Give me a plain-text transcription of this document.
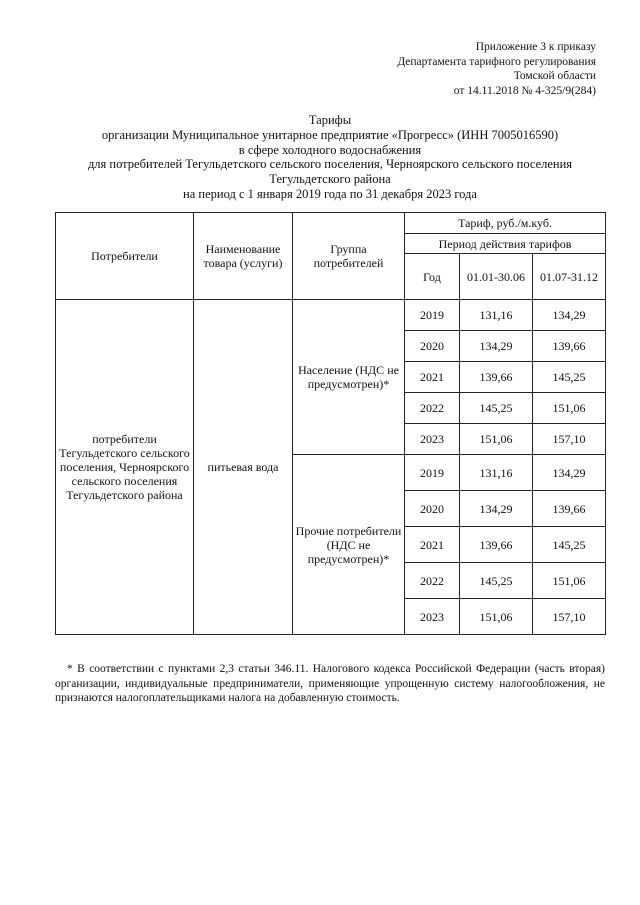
Приложение 3 к приказу
Департамента тарифного регулирования
Томской области
от 14.11.2018 № 4-325/9(284)
Тарифы
организации Муниципальное унитарное предприятие «Прогресс» (ИНН 7005016590)
в сфере холодного водоснабжения
для потребителей Тегульдетского сельского поселения, Черноярского сельского поселения
Тегульдетского района
на период с 1 января 2019 года по 31 декабря 2023 года
Потребители	Наименование товара (услуги)	Группа потребителей	Тариф, руб./м.куб.		
			Период действия тарифов		
			Год	01.01-30.06	01.07-31.12
потребители Тегульдетского сельского поселения, Черноярского сельского поселения Тегульдетского района	питьевая вода	Население (НДС не предусмотрен)*	2019	131,16	134,29
			2020	134,29	139,66
			2021	139,66	145,25
			2022	145,25	151,06
			2023	151,06	157,10
		Прочие потребители (НДС не предусмотрен)*	2019	131,16	134,29
			2020	134,29	139,66
			2021	139,66	145,25
			2022	145,25	151,06
			2023	151,06	157,10
* В соответствии с пунктами 2,3 статьи 346.11. Налогового кодекса Российской Федерации (часть вторая) организации, индивидуальные предприниматели, применяющие упрощенную систему налогообложения, не признаются налогоплательщиками налога на добавленную стоимость.
